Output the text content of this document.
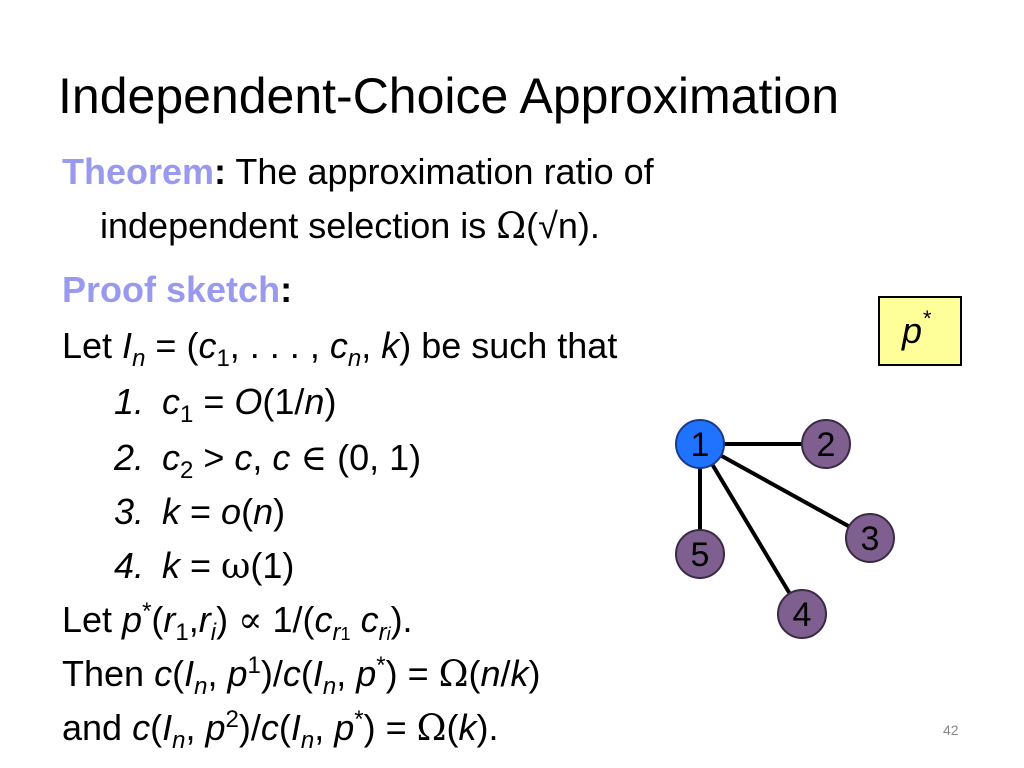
Independent-Choice Approximation
Theorem: The approximation ratio of
independent selection is Ω(√n).
Proof sketch:
Let $I_n = (c_1$, . . . , $c_n$, k) be such that
1. $c_1 = O(1/n)$
2. $c_2 > c$, c ∈ (0, 1)
3. k = o(n)
4. k = ω(1)
Let $p^*(r_1,r_i) \propto 1/(c_{r1}$ $c_{ri}$).
Then $c(I_n$, $p^1)/c(I_n$, p*) = Ω(n/k)
and $c(I_n$, $p^2)/c(I_n$, p*) = Ω(k).
p*
1	2
3
4
5
42
